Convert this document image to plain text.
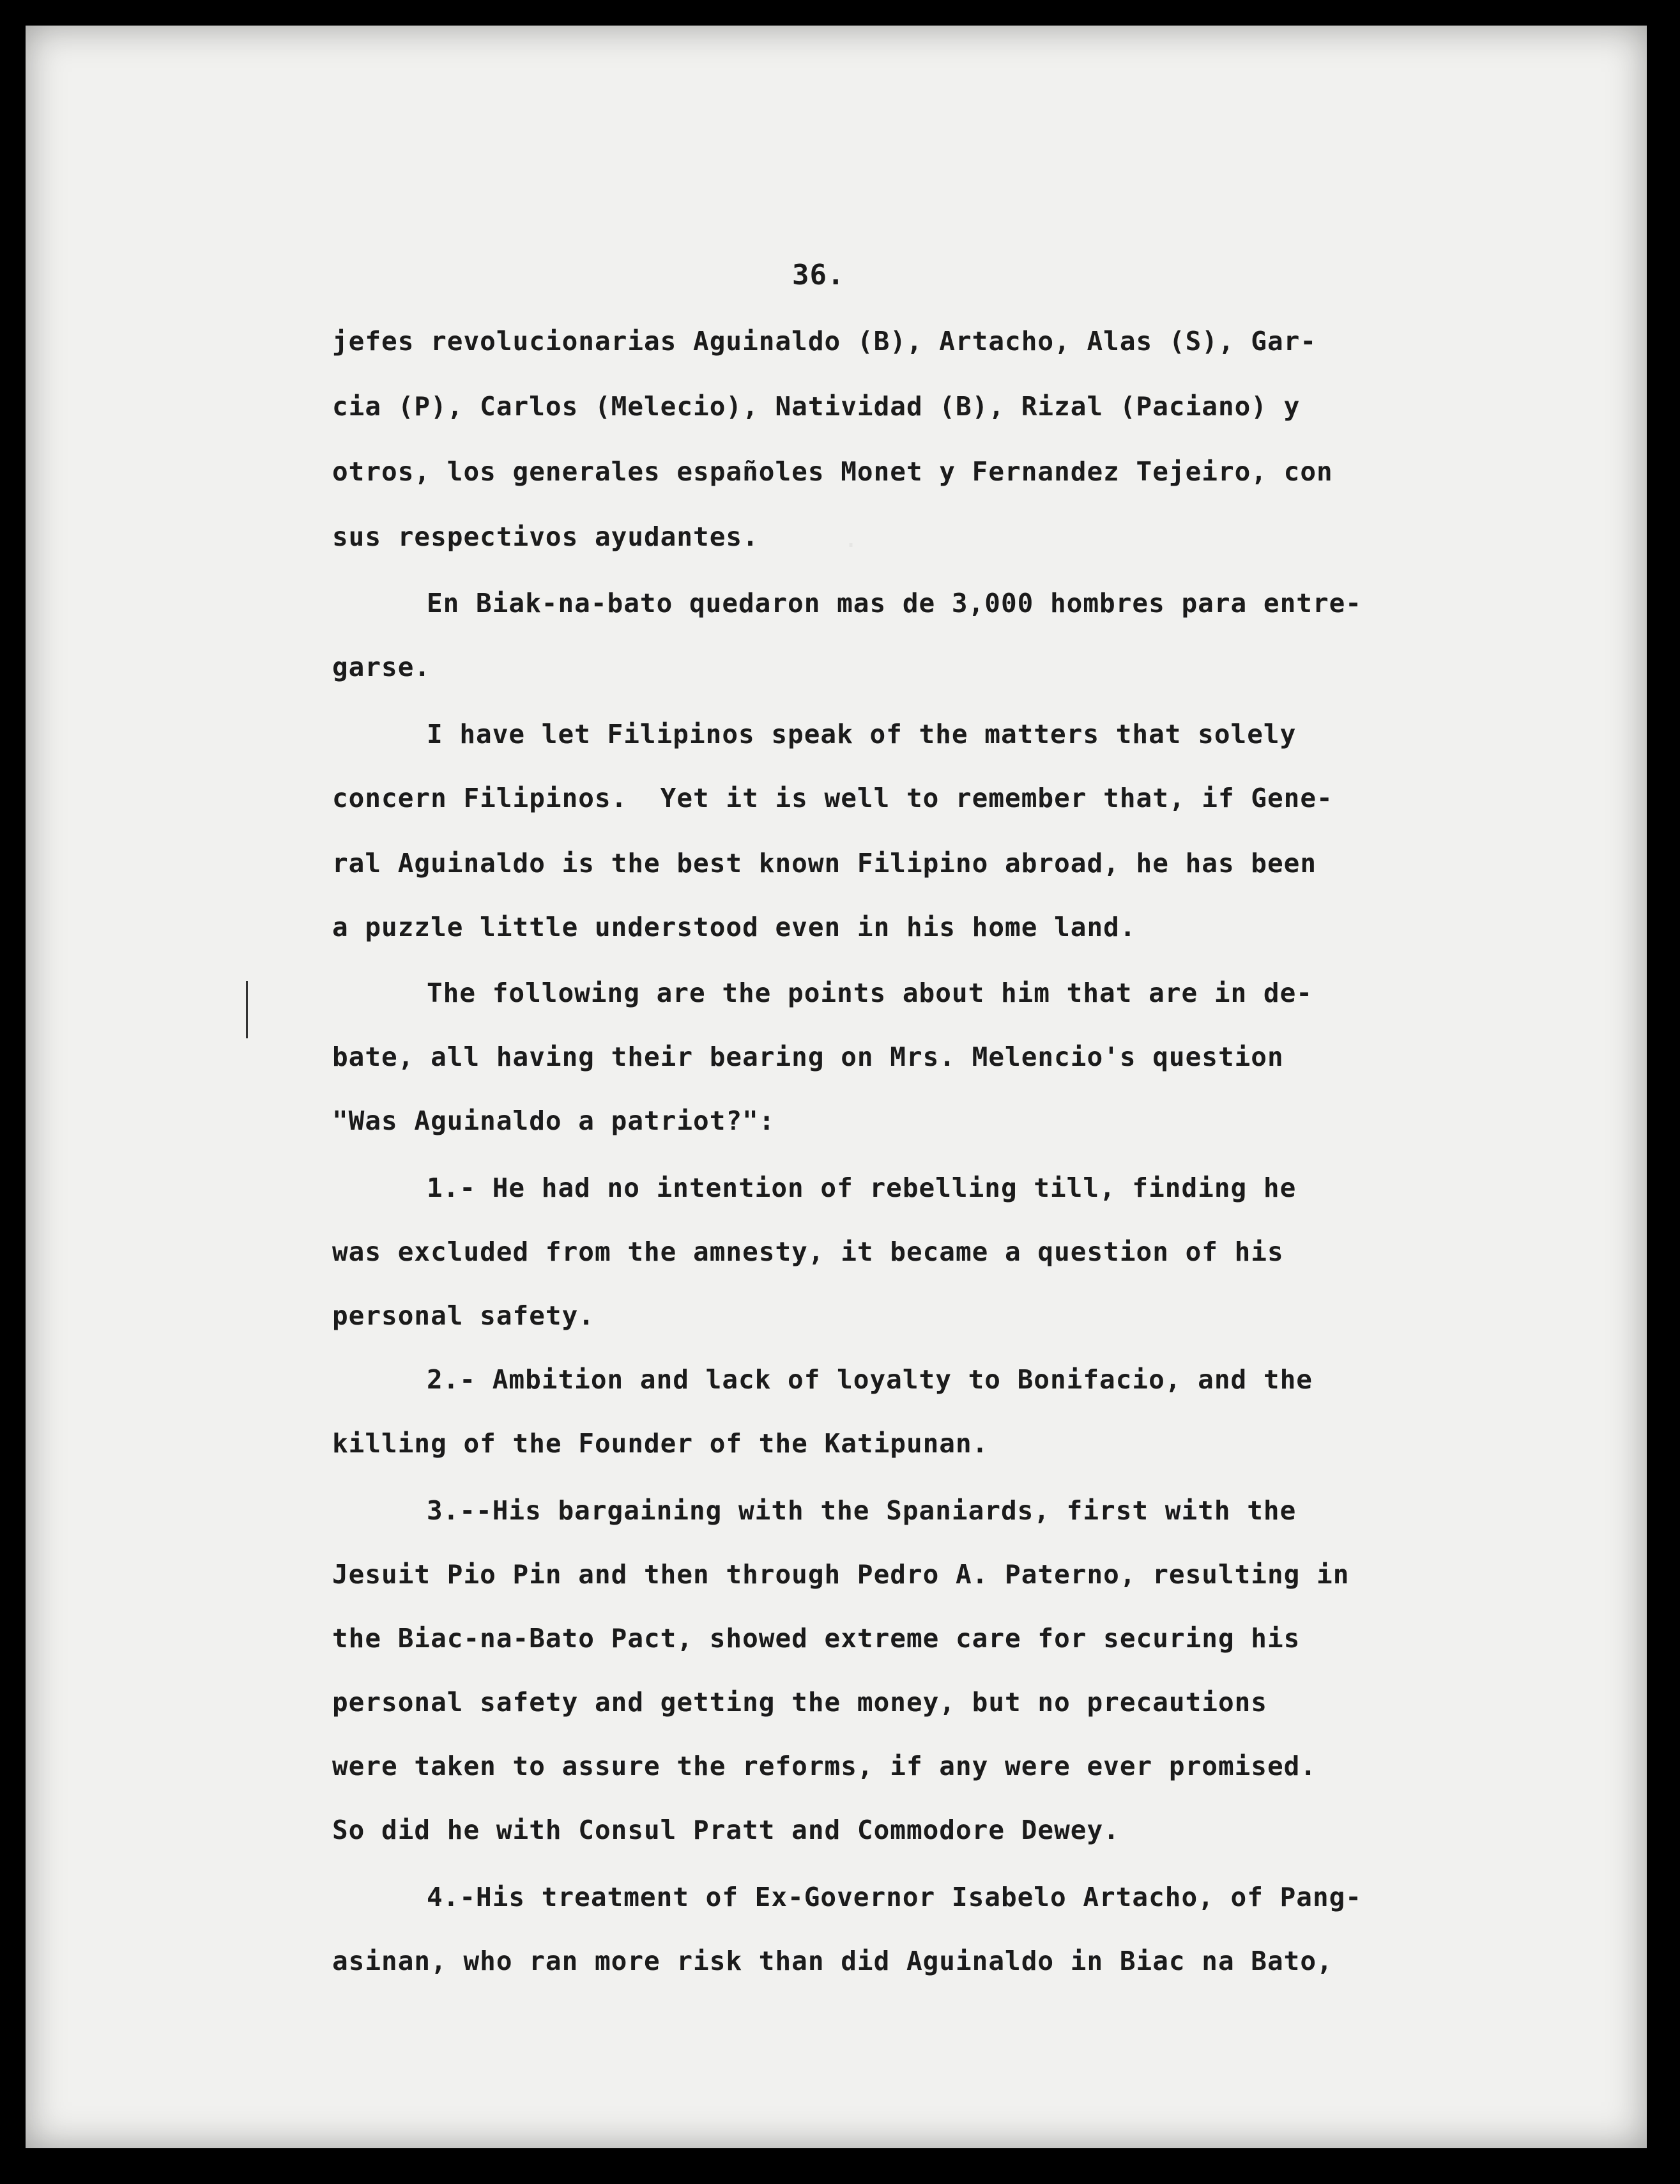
36.
jefes revolucionarias Aguinaldo (B), Artacho, Alas (S), Gar-
cia (P), Carlos (Melecio), Natividad (B), Rizal (Paciano) y
otros, los generales españoles Monet y Fernandez Tejeiro, con
sus respectivos ayudantes.
En Biak-na-bato quedaron mas de 3,000 hombres para entre-
garse.
I have let Filipinos speak of the matters that solely
concern Filipinos.  Yet it is well to remember that, if Gene-
ral Aguinaldo is the best known Filipino abroad, he has been
a puzzle little understood even in his home land.
The following are the points about him that are in de-
bate, all having their bearing on Mrs. Melencio's question
"Was Aguinaldo a patriot?":
1.- He had no intention of rebelling till, finding he
was excluded from the amnesty, it became a question of his
personal safety.
2.- Ambition and lack of loyalty to Bonifacio, and the
killing of the Founder of the Katipunan.
3.--His bargaining with the Spaniards, first with the
Jesuit Pio Pin and then through Pedro A. Paterno, resulting in
the Biac-na-Bato Pact, showed extreme care for securing his
personal safety and getting the money, but no precautions
were taken to assure the reforms, if any were ever promised.
So did he with Consul Pratt and Commodore Dewey.
4.-His treatment of Ex-Governor Isabelo Artacho, of Pang-
asinan, who ran more risk than did Aguinaldo in Biac na Bato,
